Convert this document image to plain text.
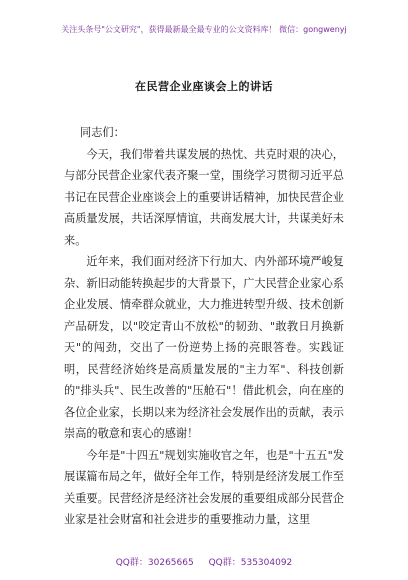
关注头条号"公文研究"，获得最新最全最专业的公文资料库！ 微信：gongwenyj
在民营企业座谈会上的讲话

同志们：

今天，我们带着共谋发展的热忱、共克时艰的决心，与部分民营企业家代表齐聚一堂，围绕学习贯彻习近平总书记在民营企业座谈会上的重要讲话精神，加快民营企业高质量发展，共话深厚情谊，共商发展大计，共谋美好未来。

近年来，我们面对经济下行加大、内外部环境严峻复杂、新旧动能转换起步的大背景下，广大民营企业家心系企业发展、情牵群众就业，大力推进转型升级、技术创新产品研发，以"咬定青山不放松"的韧劲、"敢教日月换新天"的闯劲，交出了一份逆势上扬的亮眼答卷。实践证明，民营经济始终是高质量发展的"主力军"、科技创新的"排头兵"、民生改善的"压舱石"！借此机会，向在座的各位企业家，长期以来为经济社会发展作出的贡献，表示崇高的敬意和衷心的感谢！

今年是"十四五"规划实施收官之年，也是"十五五"发展谋篇布局之年，做好全年工作，特别是经济发展工作至关重要。民营经济是经济社会发展的重要组成部分民营企业家是社会财富和社会进步的重要推动力量，这里

QQ群：30265665 QQ群：535304092
